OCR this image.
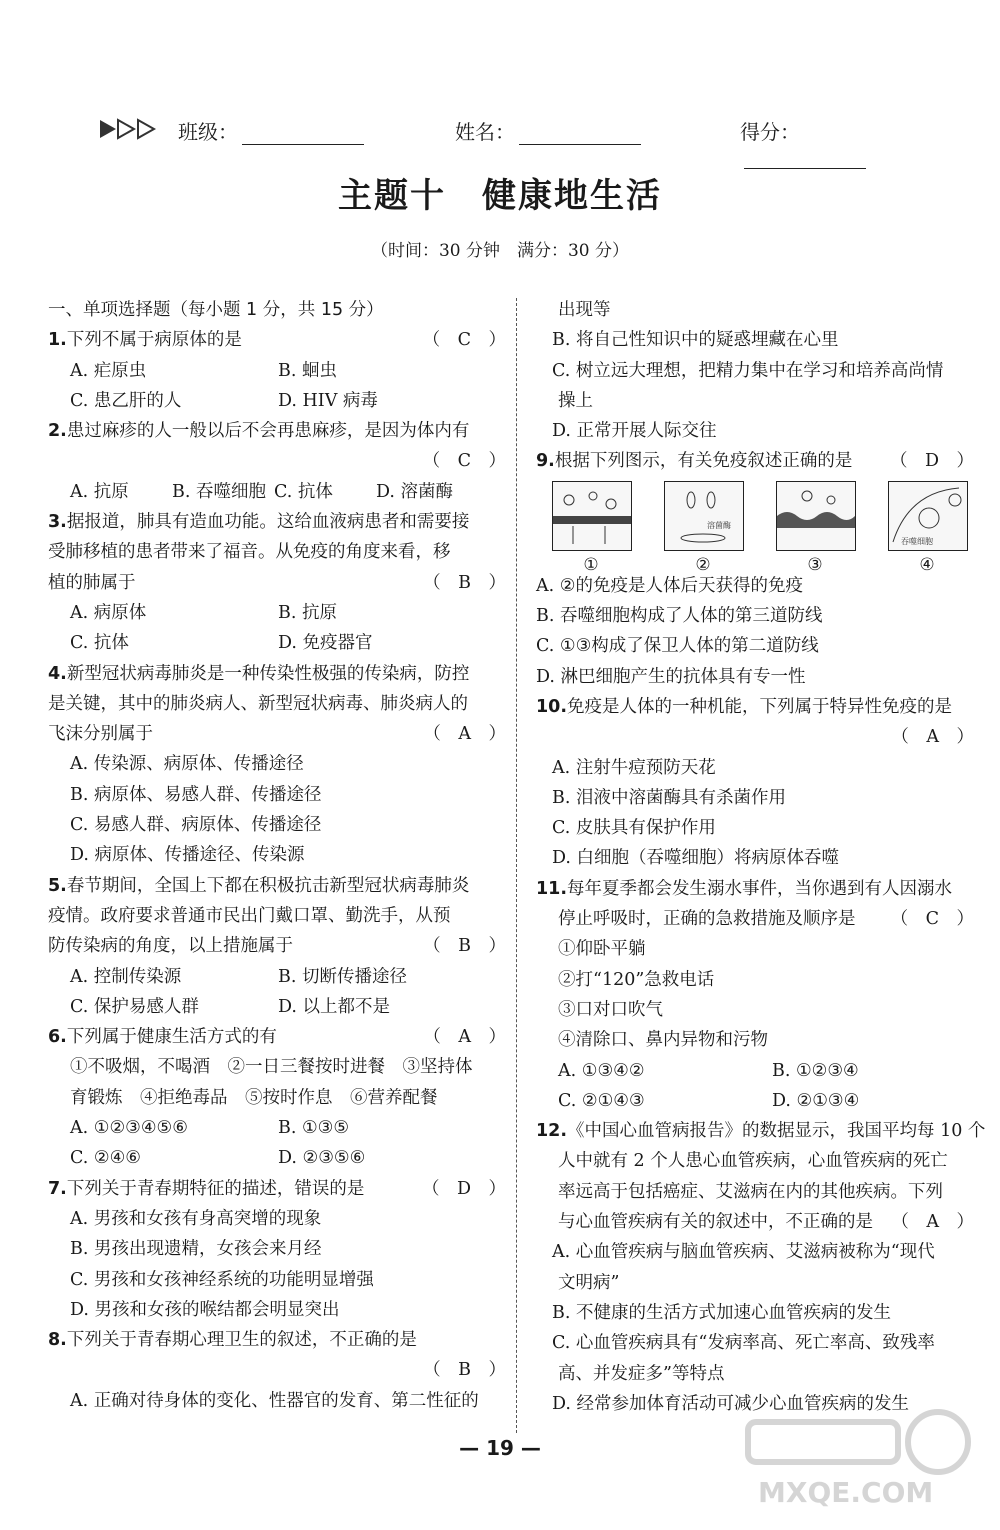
班级：	姓名：	得分：
主题十　健康地生活
（时间：30 分钟　满分：30 分）
一、单项选择题（每小题 1 分，共 15 分）
1.下列不属于病原体的是	（　C　）
A. 疟原虫	B. 蛔虫
C. 患乙肝的人	D. HIV 病毒
2.患过麻疹的人一般以后不会再患麻疹，是因为体内有
（　C　）
A. 抗原 B. 吞噬细胞 C. 抗体 D. 溶菌酶
3.据报道，肺具有造血功能。这给血液病患者和需要接
受肺移植的患者带来了福音。从免疫的角度来看，移
植的肺属于	（　B　）
A. 病原体	B. 抗原
C. 抗体	D. 免疫器官
4.新型冠状病毒肺炎是一种传染性极强的传染病，防控
是关键，其中的肺炎病人、新型冠状病毒、肺炎病人的
飞沫分别属于	（　A　）
A. 传染源、病原体、传播途径
B. 病原体、易感人群、传播途径
C. 易感人群、病原体、传播途径
D. 病原体、传播途径、传染源
5.春节期间，全国上下都在积极抗击新型冠状病毒肺炎
疫情。政府要求普通市民出门戴口罩、勤洗手，从预
防传染病的角度，以上措施属于	（　B　）
A. 控制传染源	B. 切断传播途径
C. 保护易感人群	D. 以上都不是
6.下列属于健康生活方式的有	（　A　）
①不吸烟，不喝酒　②一日三餐按时进餐　③坚持体
育锻炼　④拒绝毒品　⑤按时作息　⑥营养配餐
A. ①②③④⑤⑥	B. ①③⑤
C. ②④⑥	D. ②③⑤⑥
7.下列关于青春期特征的描述，错误的是	（　D　）
A. 男孩和女孩有身高突增的现象
B. 男孩出现遗精，女孩会来月经
C. 男孩和女孩神经系统的功能明显增强
D. 男孩和女孩的喉结都会明显突出
8.下列关于青春期心理卫生的叙述，不正确的是
（　B　）
A. 正确对待身体的变化、性器官的发育、第二性征的
出现等
B. 将自己性知识中的疑惑埋藏在心里
C. 树立远大理想，把精力集中在学习和培养高尚情
操上
D. 正常开展人际交往
9.根据下列图示，有关免疫叙述正确的是 （　D　）
溶菌酶
吞噬细胞
①	②	③	④
A. ②的免疫是人体后天获得的免疫
B. 吞噬细胞构成了人体的第三道防线
C. ①③构成了保卫人体的第二道防线
D. 淋巴细胞产生的抗体具有专一性
10.免疫是人体的一种机能，下列属于特异性免疫的是
（　A　）
A. 注射牛痘预防天花
B. 泪液中溶菌酶具有杀菌作用
C. 皮肤具有保护作用
D. 白细胞（吞噬细胞）将病原体吞噬
11.每年夏季都会发生溺水事件，当你遇到有人因溺水
停止呼吸时，正确的急救措施及顺序是 （　C　）
①仰卧平躺
②打“120”急救电话
③口对口吹气
④清除口、鼻内异物和污物
A. ①③④②	B. ①②③④
C. ②①④③	D. ②①③④
12.《中国心血管病报告》的数据显示，我国平均每 10 个
人中就有 2 个人患心血管疾病，心血管疾病的死亡
率远高于包括癌症、艾滋病在内的其他疾病。下列
与心血管疾病有关的叙述中，不正确的是 （　A　）
A. 心血管疾病与脑血管疾病、艾滋病被称为“现代
文明病”
B. 不健康的生活方式加速心血管疾病的发生
C. 心血管疾病具有“发病率高、死亡率高、致残率
高、并发症多”等特点
D. 经常参加体育活动可减少心血管疾病的发生
— 19 —
MXQE.COM
